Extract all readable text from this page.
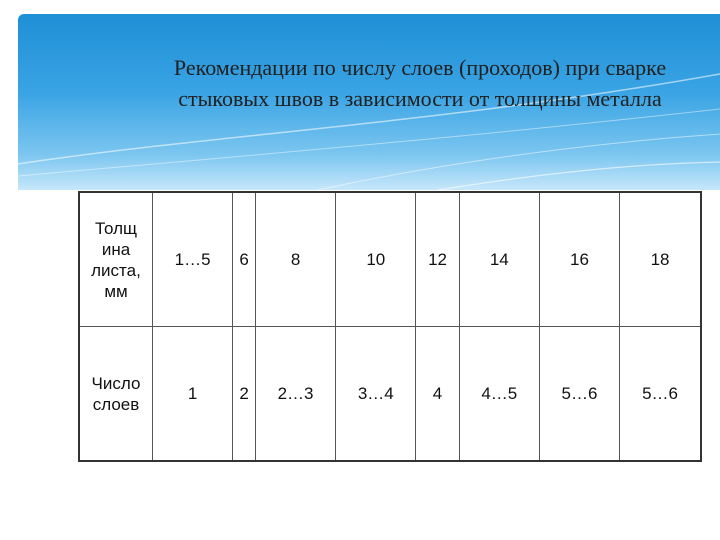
Рекомендации по числу слоев (проходов) при сварке стыковых швов в зависимости от толщины металла
Толщ ина листа, мм	1…5	6	8	10	12	14	16	18
Число слоев	1	2	2…3	3…4	4	4…5	5…6	5…6
